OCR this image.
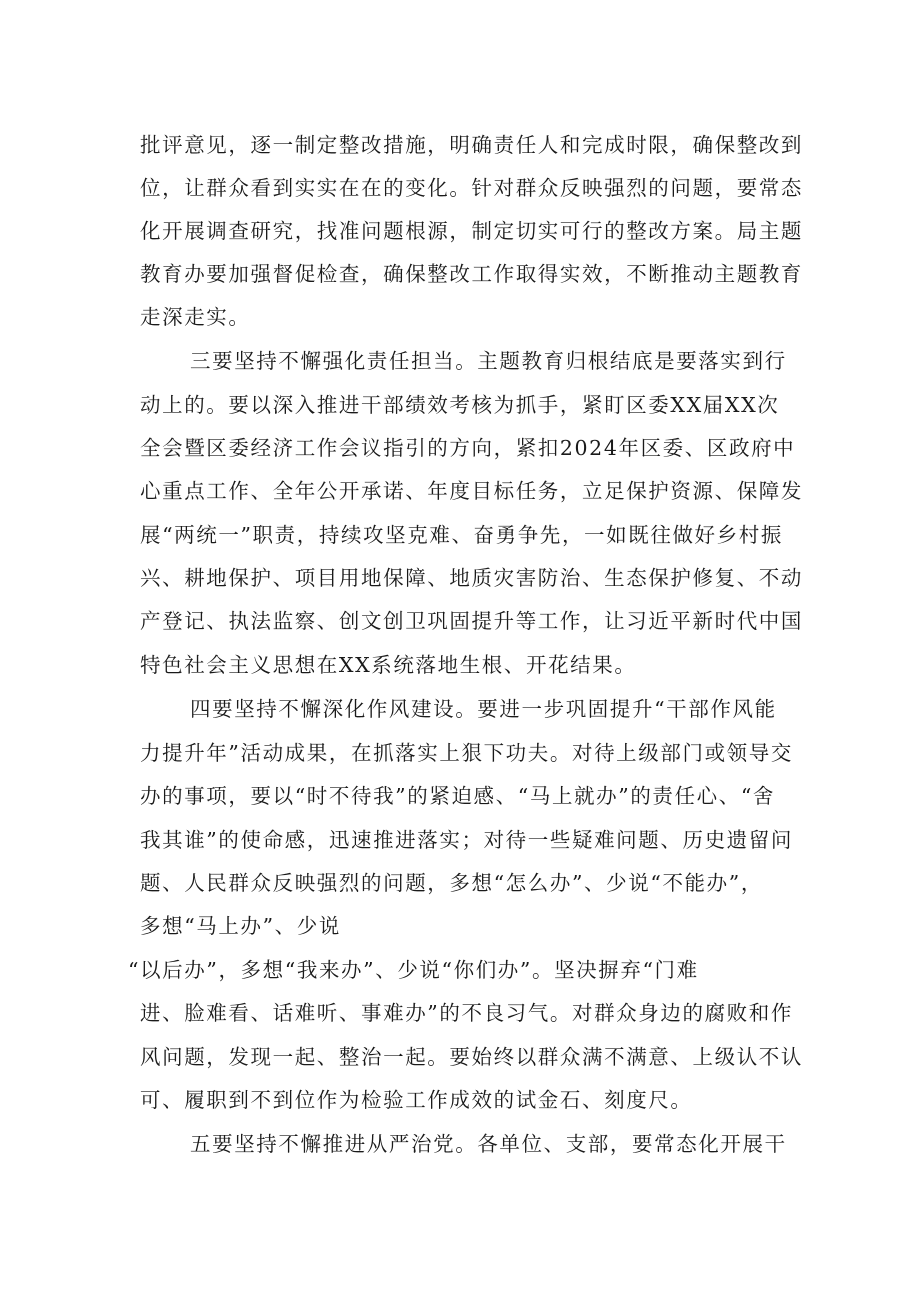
批评意见，逐一制定整改措施，明确责任人和完成时限，确保整改到
位，让群众看到实实在在的变化。针对群众反映强烈的问题，要常态
化开展调查研究，找准问题根源，制定切实可行的整改方案。局主题
教育办要加强督促检查，确保整改工作取得实效，不断推动主题教育
走深走实。
三要坚持不懈强化责任担当。主题教育归根结底是要落实到行
动上的。要以深入推进干部绩效考核为抓手，紧盯区委XX届XX次
全会暨区委经济工作会议指引的方向，紧扣2024年区委、区政府中
心重点工作、全年公开承诺、年度目标任务，立足保护资源、保障发
展“两统一”职责，持续攻坚克难、奋勇争先，一如既往做好乡村振
兴、耕地保护、项目用地保障、地质灾害防治、生态保护修复、不动
产登记、执法监察、创文创卫巩固提升等工作，让习近平新时代中国
特色社会主义思想在XX系统落地生根、开花结果。
四要坚持不懈深化作风建设。要进一步巩固提升“干部作风能
力提升年”活动成果，在抓落实上狠下功夫。对待上级部门或领导交
办的事项，要以“时不待我”的紧迫感、“马上就办”的责任心、“舍
我其谁”的使命感，迅速推进落实；对待一些疑难问题、历史遗留问
题、人民群众反映强烈的问题，多想“怎么办”、少说“不能办”，
多想“马上办”、少说
“以后办”，多想“我来办”、少说“你们办”。坚决摒弃“门难
进、脸难看、话难听、事难办”的不良习气。对群众身边的腐败和作
风问题，发现一起、整治一起。要始终以群众满不满意、上级认不认
可、履职到不到位作为检验工作成效的试金石、刻度尺。
五要坚持不懈推进从严治党。各单位、支部，要常态化开展干
